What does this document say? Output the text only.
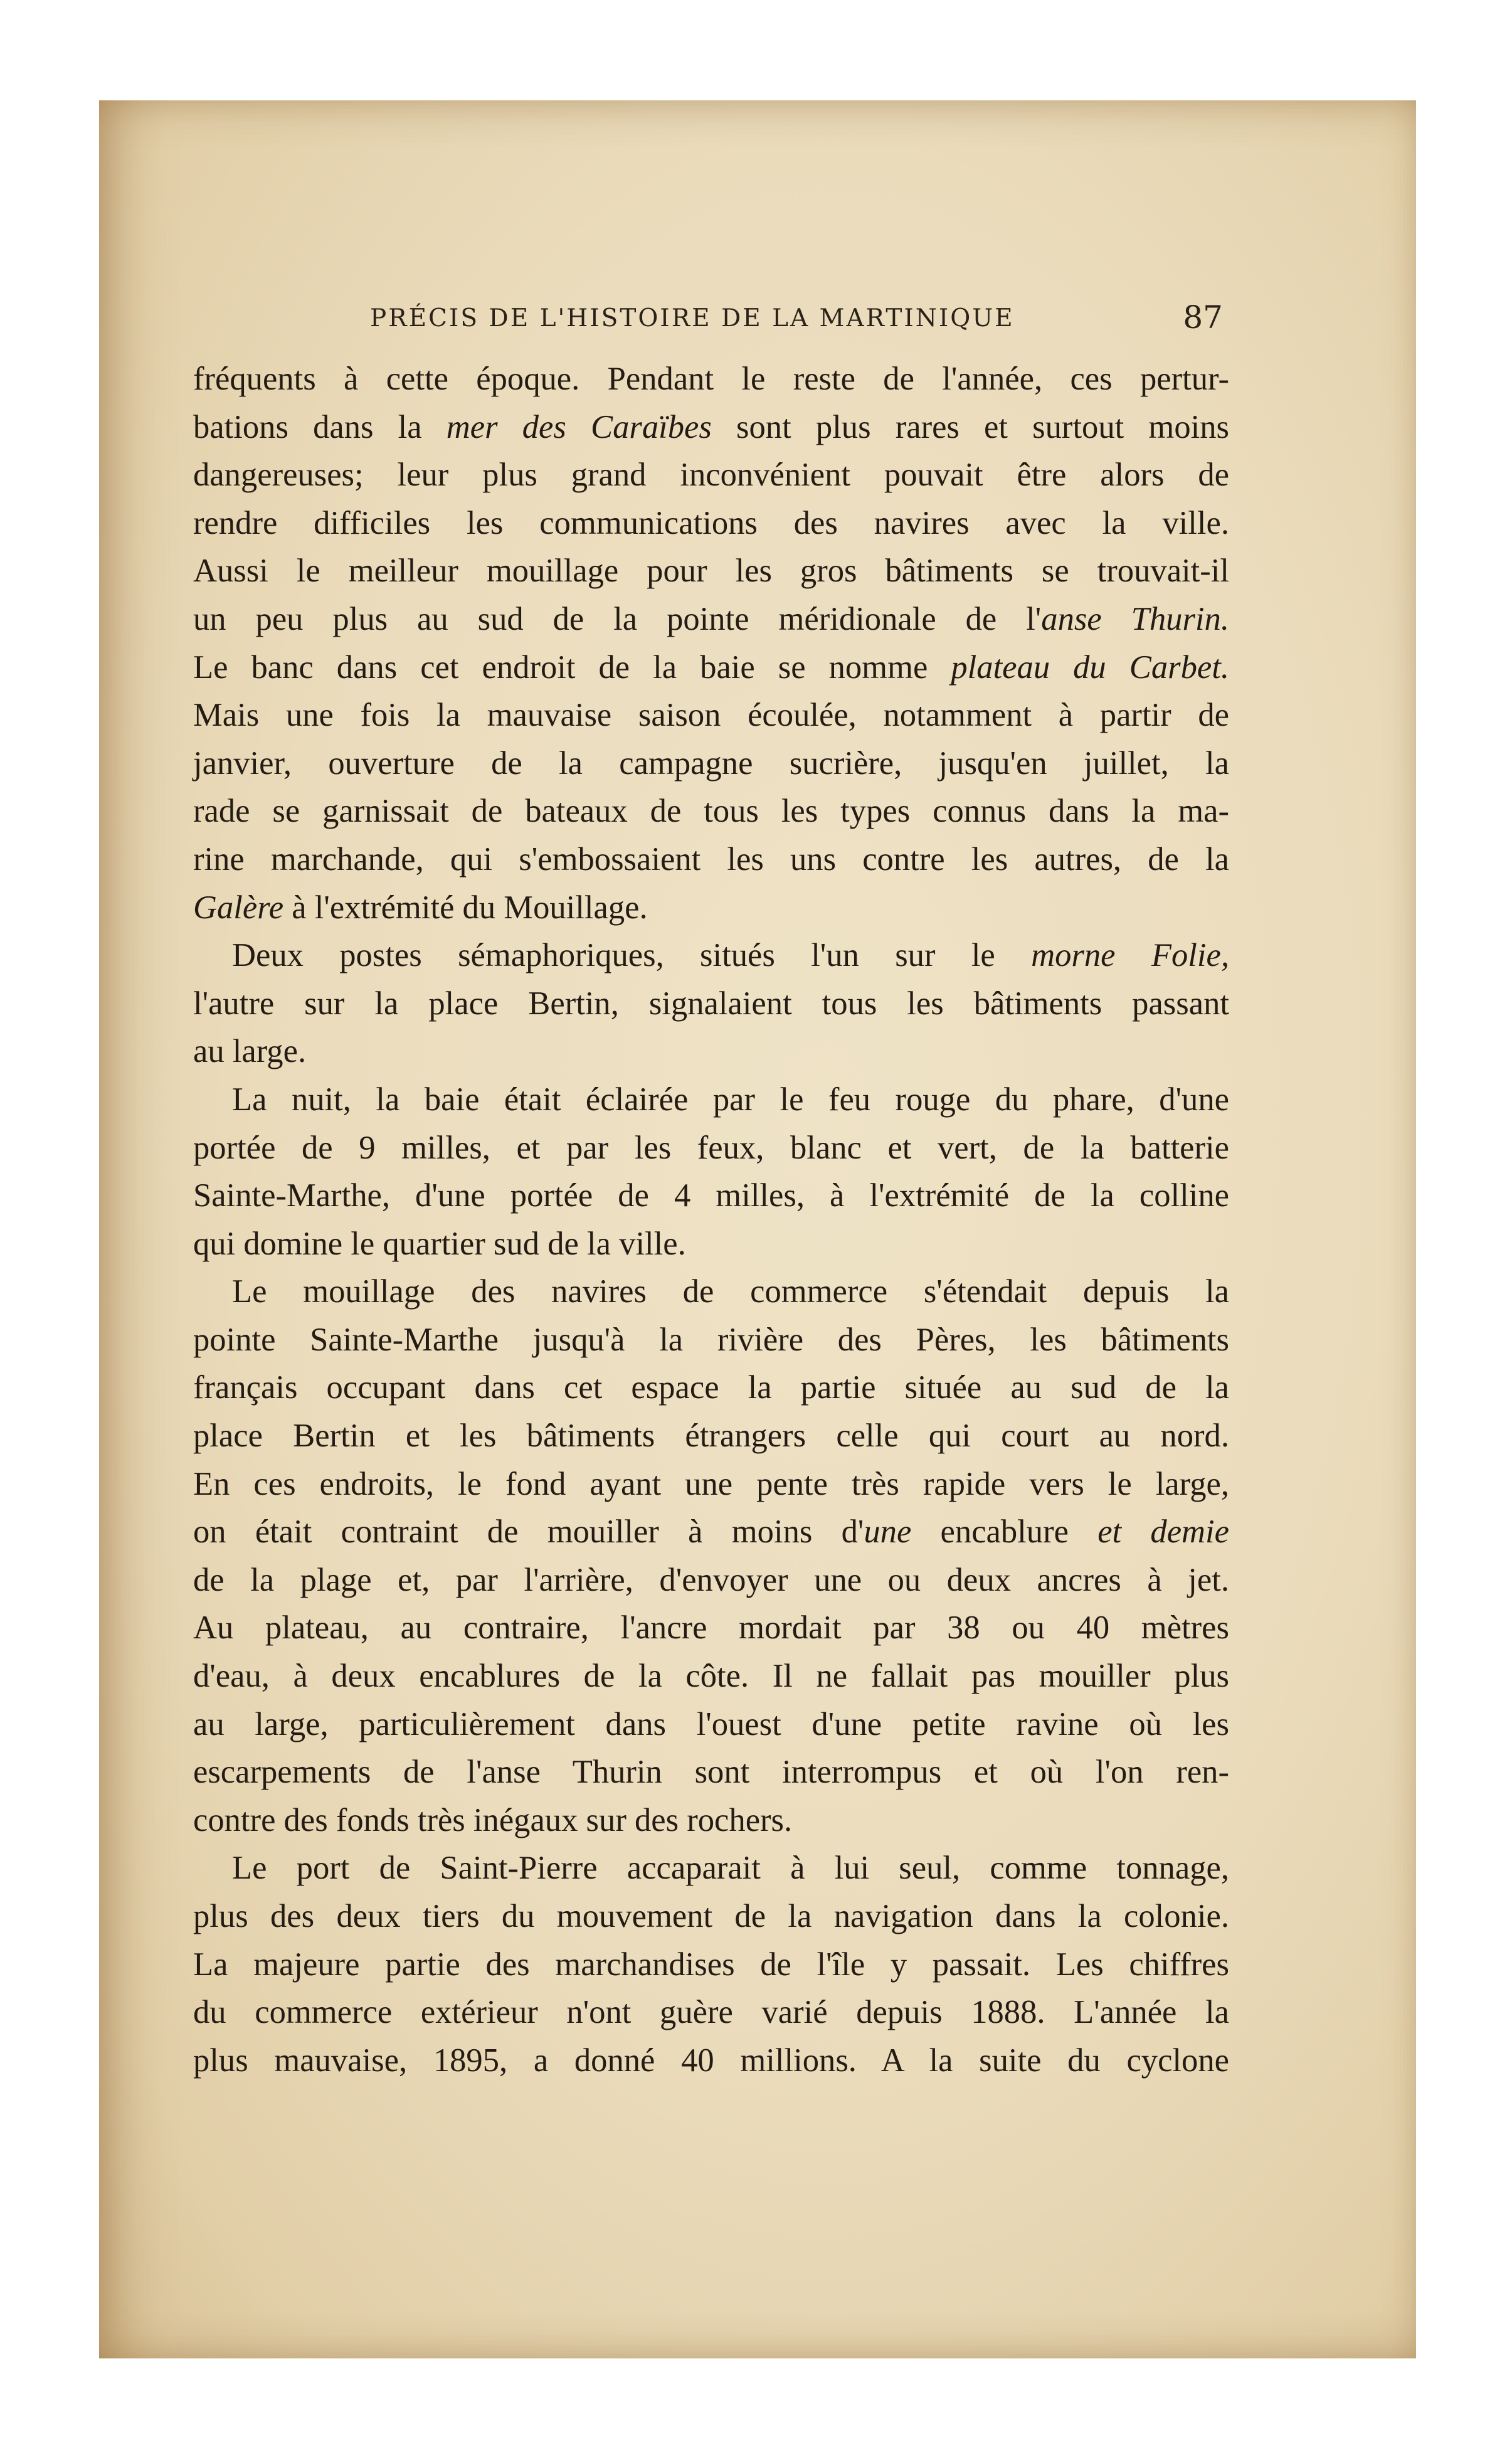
PRÉCIS DE L'HISTOIRE DE LA MARTINIQUE	87
fréquents à cette époque. Pendant le reste de l'année, ces pertur-
bations dans la mer des Caraïbes sont plus rares et surtout moins
dangereuses; leur plus grand inconvénient pouvait être alors de
rendre difficiles les communications des navires avec la ville.
Aussi le meilleur mouillage pour les gros bâtiments se trouvait-il
un peu plus au sud de la pointe méridionale de l'anse Thurin.
Le banc dans cet endroit de la baie se nomme plateau du Carbet.
Mais une fois la mauvaise saison écoulée, notamment à partir de
janvier, ouverture de la campagne sucrière, jusqu'en juillet, la
rade se garnissait de bateaux de tous les types connus dans la ma-
rine marchande, qui s'embossaient les uns contre les autres, de la
Galère à l'extrémité du Mouillage.
Deux postes sémaphoriques, situés l'un sur le morne Folie,
l'autre sur la place Bertin, signalaient tous les bâtiments passant
au large.
La nuit, la baie était éclairée par le feu rouge du phare, d'une
portée de 9 milles, et par les feux, blanc et vert, de la batterie
Sainte-Marthe, d'une portée de 4 milles, à l'extrémité de la colline
qui domine le quartier sud de la ville.
Le mouillage des navires de commerce s'étendait depuis la
pointe Sainte-Marthe jusqu'à la rivière des Pères, les bâtiments
français occupant dans cet espace la partie située au sud de la
place Bertin et les bâtiments étrangers celle qui court au nord.
En ces endroits, le fond ayant une pente très rapide vers le large,
on était contraint de mouiller à moins d'une encablure et demie
de la plage et, par l'arrière, d'envoyer une ou deux ancres à jet.
Au plateau, au contraire, l'ancre mordait par 38 ou 40 mètres
d'eau, à deux encablures de la côte. Il ne fallait pas mouiller plus
au large, particulièrement dans l'ouest d'une petite ravine où les
escarpements de l'anse Thurin sont interrompus et où l'on ren-
contre des fonds très inégaux sur des rochers.
Le port de Saint-Pierre accaparait à lui seul, comme tonnage,
plus des deux tiers du mouvement de la navigation dans la colonie.
La majeure partie des marchandises de l'île y passait. Les chiffres
du commerce extérieur n'ont guère varié depuis 1888. L'année la
plus mauvaise, 1895, a donné 40 millions. A la suite du cyclone
